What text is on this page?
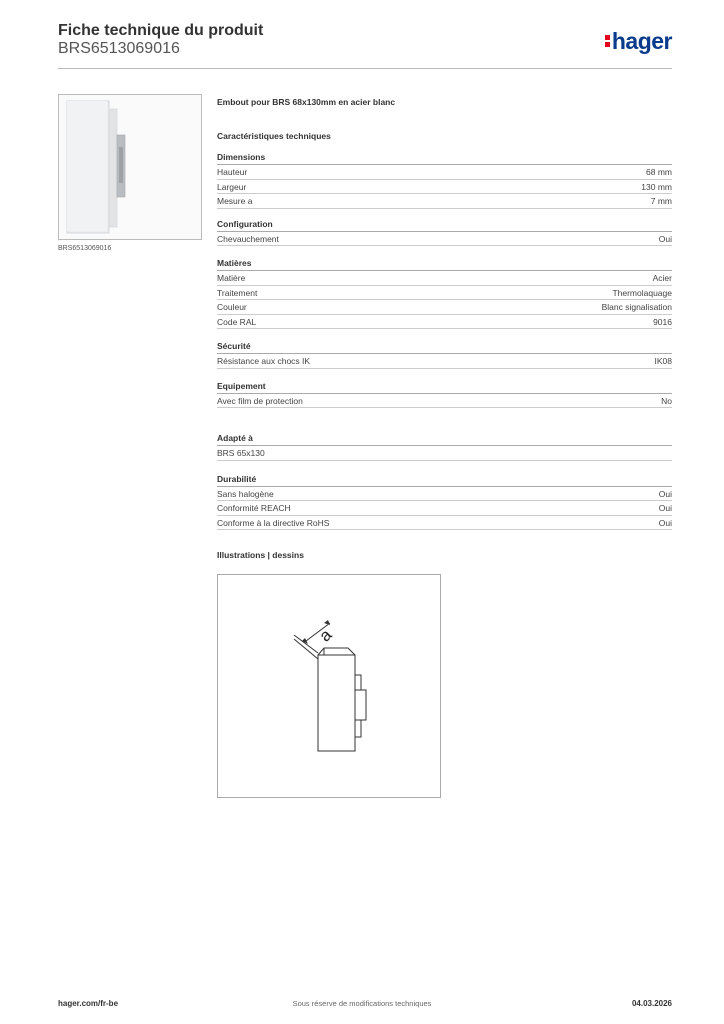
Fiche technique du produit
BRS6513069016	hager
BRS6513069016
Embout pour BRS 68x130mm en acier blanc
Caractéristiques techniques
Dimensions
Hauteur	68 mm
Largeur	130 mm
Mesure a	7 mm
Configuration
Chevauchement	Oui
Matières
Matière	Acier
Traitement	Thermolaquage
Couleur	Blanc signalisation
Code RAL	9016
Sécurité
Résistance aux chocs IK	IK08
Equipement
Avec film de protection	No
Adapté à
BRS 65x130
Durabilité
Sans halogène	Oui
Conformité REACH	Oui
Conforme à la directive RoHS	Oui
Illustrations | dessins
a
hager.com/fr-be	Sous réserve de modifications techniques	04.03.2026
